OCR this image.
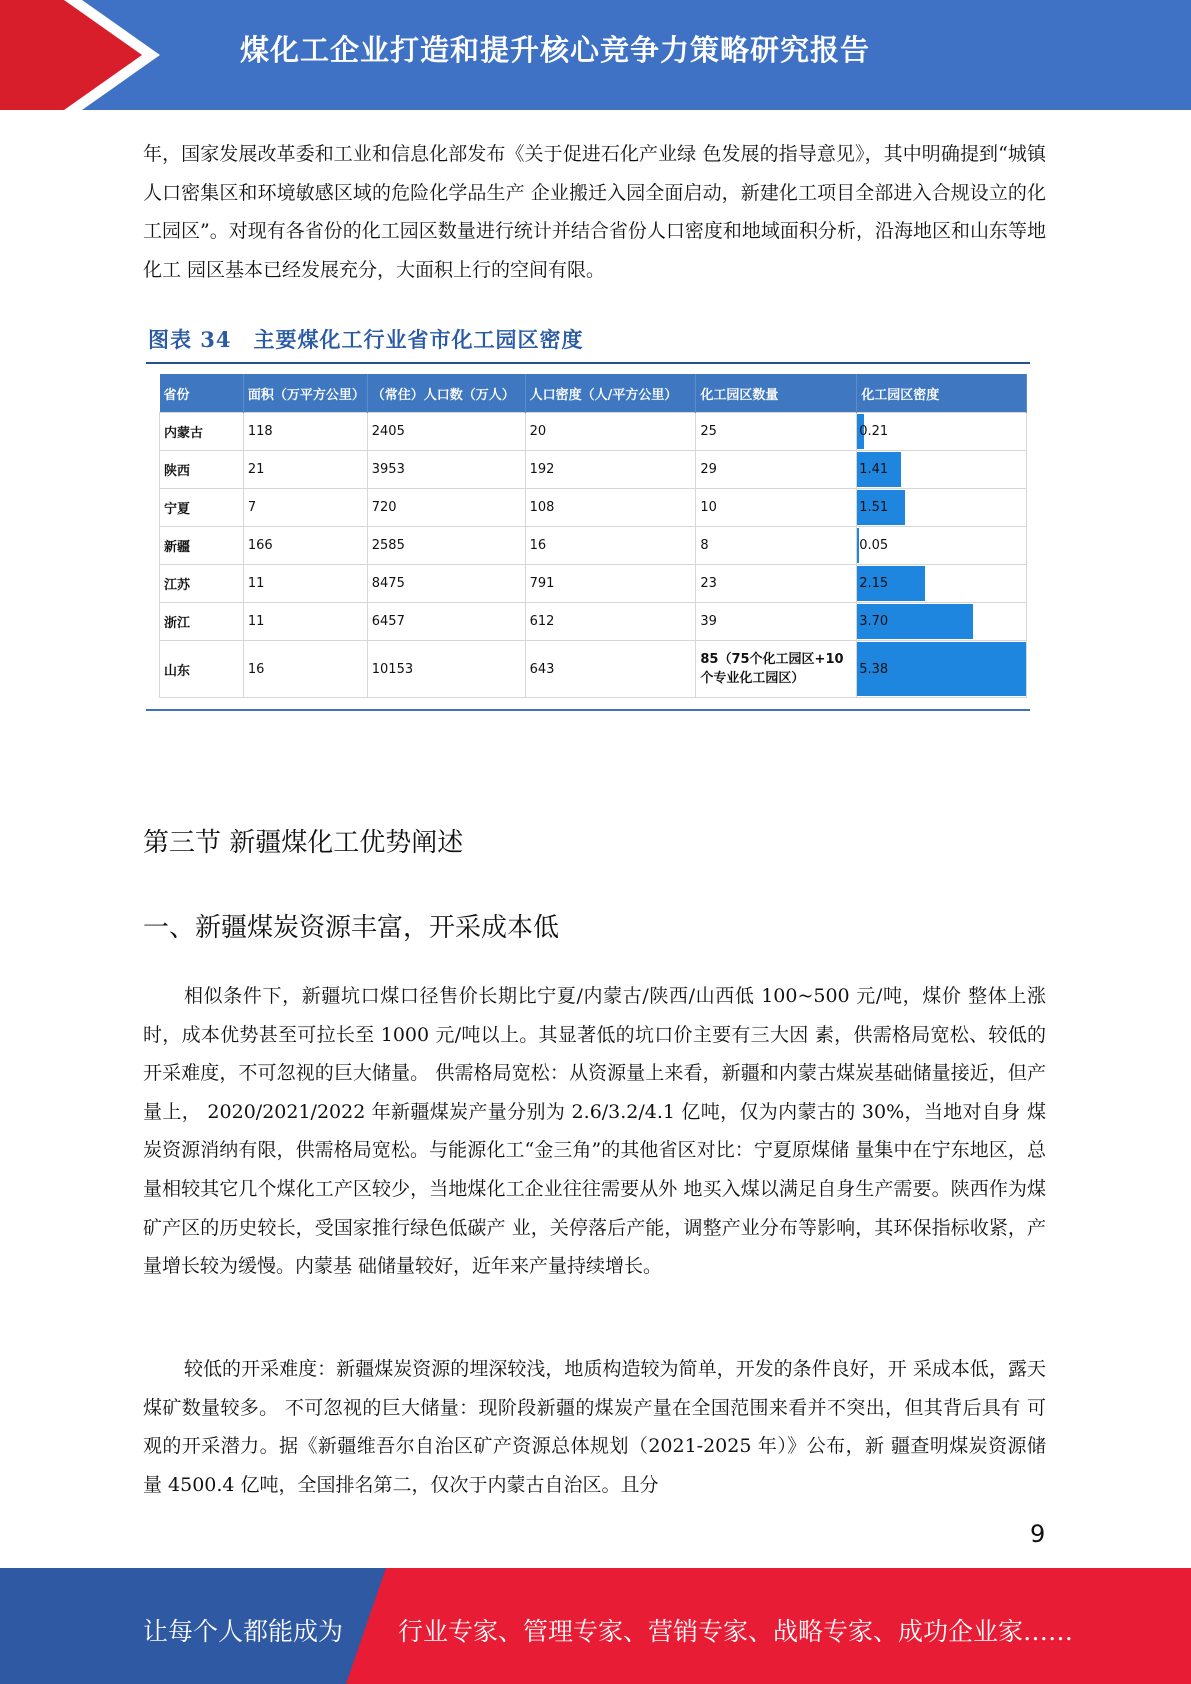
煤化工企业打造和提升核心竞争力策略研究报告

年，国家发展改革委和工业和信息化部发布《关于促进石化产业绿 色发展的指导意见》，其中明确提到“城镇人口密集区和环境敏感区域的危险化学品生产 企业搬迁入园全面启动，新建化工项目全部进入合规设立的化工园区”。对现有各省份的化工园区数量进行统计并结合省份人口密度和地域面积分析，沿海地区和山东等地化工 园区基本已经发展充分，大面积上行的空间有限。

图表 34　主要煤化工行业省市化工园区密度
省份	面积（万平方公里）	（常住）人口数（万人）	人口密度（人/平方公里）	化工园区数量	化工园区密度
内蒙古	118	2405	20	25	0.21
陕西	21	3953	192	29	1.41
宁夏	7	720	108	10	1.51
新疆	166	2585	16	8	0.05
江苏	11	8475	791	23	2.15
浙江	11	6457	612	39	3.70
山东	16	10153	643	85（75个化工园区+10个专业化工园区）	5.38
第三节 新疆煤化工优势阐述
一、新疆煤炭资源丰富，开采成本低

相似条件下，新疆坑口煤口径售价长期比宁夏/内蒙古/陕西/山西低 100~500 元/吨，煤价 整体上涨时，成本优势甚至可拉长至 1000 元/吨以上。其显著低的坑口价主要有三大因 素，供需格局宽松、较低的开采难度，不可忽视的巨大储量。 供需格局宽松：从资源量上来看，新疆和内蒙古煤炭基础储量接近，但产量上， 2020/2021/2022 年新疆煤炭产量分别为 2.6/3.2/4.1 亿吨，仅为内蒙古的 30%，当地对自身 煤炭资源消纳有限，供需格局宽松。与能源化工“金三角”的其他省区对比：宁夏原煤储 量集中在宁东地区，总量相较其它几个煤化工产区较少，当地煤化工企业往往需要从外 地买入煤以满足自身生产需要。陕西作为煤矿产区的历史较长，受国家推行绿色低碳产 业，关停落后产能，调整产业分布等影响，其环保指标收紧，产量增长较为缓慢。内蒙基 础储量较好，近年来产量持续增长。

较低的开采难度：新疆煤炭资源的埋深较浅，地质构造较为简单，开发的条件良好，开 采成本低，露天煤矿数量较多。 不可忽视的巨大储量：现阶段新疆的煤炭产量在全国范围来看并不突出，但其背后具有 可观的开采潜力。据《新疆维吾尔自治区矿产资源总体规划（2021-2025 年）》公布，新 疆查明煤炭资源储量 4500.4 亿吨，全国排名第二，仅次于内蒙古自治区。且分

9
让每个人都能成为 行业专家、管理专家、营销专家、战略专家、成功企业家……
